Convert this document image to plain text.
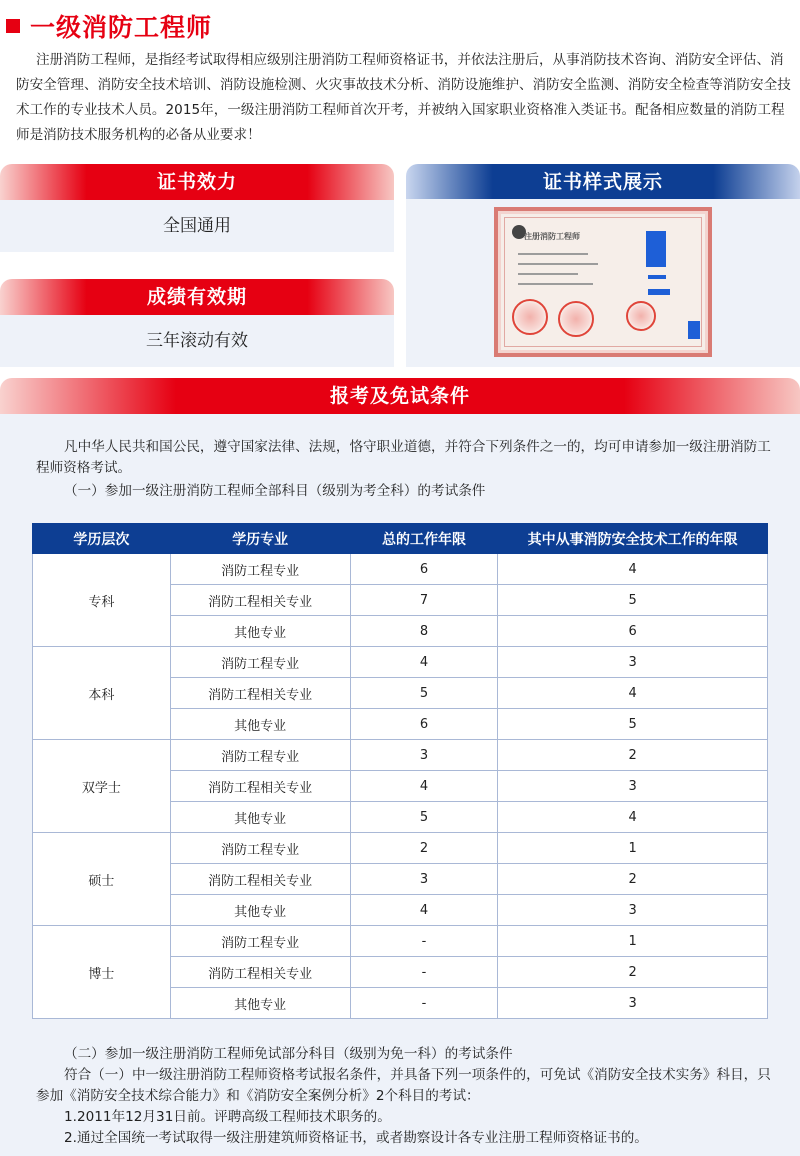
一级消防工程师
注册消防工程师，是指经考试取得相应级别注册消防工程师资格证书，并依法注册后，从事消防技术咨询、消防安全评估、消防安全管理、消防安全技术培训、消防设施检测、火灾事故技术分析、消防设施维护、消防安全监测、消防安全检查等消防安全技术工作的专业技术人员。2015年，一级注册消防工程师首次开考，并被纳入国家职业资格准入类证书。配备相应数量的消防工程师是消防技术服务机构的必备从业要求！
证书效力
全国通用
成绩有效期
三年滚动有效
证书样式展示
注册消防工程师
报考及免试条件
凡中华人民共和国公民，遵守国家法律、法规，恪守职业道德，并符合下列条件之一的，均可申请参加一级注册消防工程师资格考试。
（一）参加一级注册消防工程师全部科目（级别为考全科）的考试条件
学历层次	学历专业	总的工作年限	其中从事消防安全技术工作的年限
专科	消防工程专业	6	4
	消防工程相关专业	7	5
	其他专业	8	6
本科	消防工程专业	4	3
	消防工程相关专业	5	4
	其他专业	6	5
双学士	消防工程专业	3	2
	消防工程相关专业	4	3
	其他专业	5	4
硕士	消防工程专业	2	1
	消防工程相关专业	3	2
	其他专业	4	3
博士	消防工程专业	-	1
	消防工程相关专业	-	2
	其他专业	-	3
（二）参加一级注册消防工程师免试部分科目（级别为免一科）的考试条件
符合（一）中一级注册消防工程师资格考试报名条件，并具备下列一项条件的，可免试《消防安全技术实务》科目，只参加《消防安全技术综合能力》和《消防安全案例分析》2个科目的考试：
1.2011年12月31日前。评聘高级工程师技术职务的。
2.通过全国统一考试取得一级注册建筑师资格证书，或者勘察设计各专业注册工程师资格证书的。
